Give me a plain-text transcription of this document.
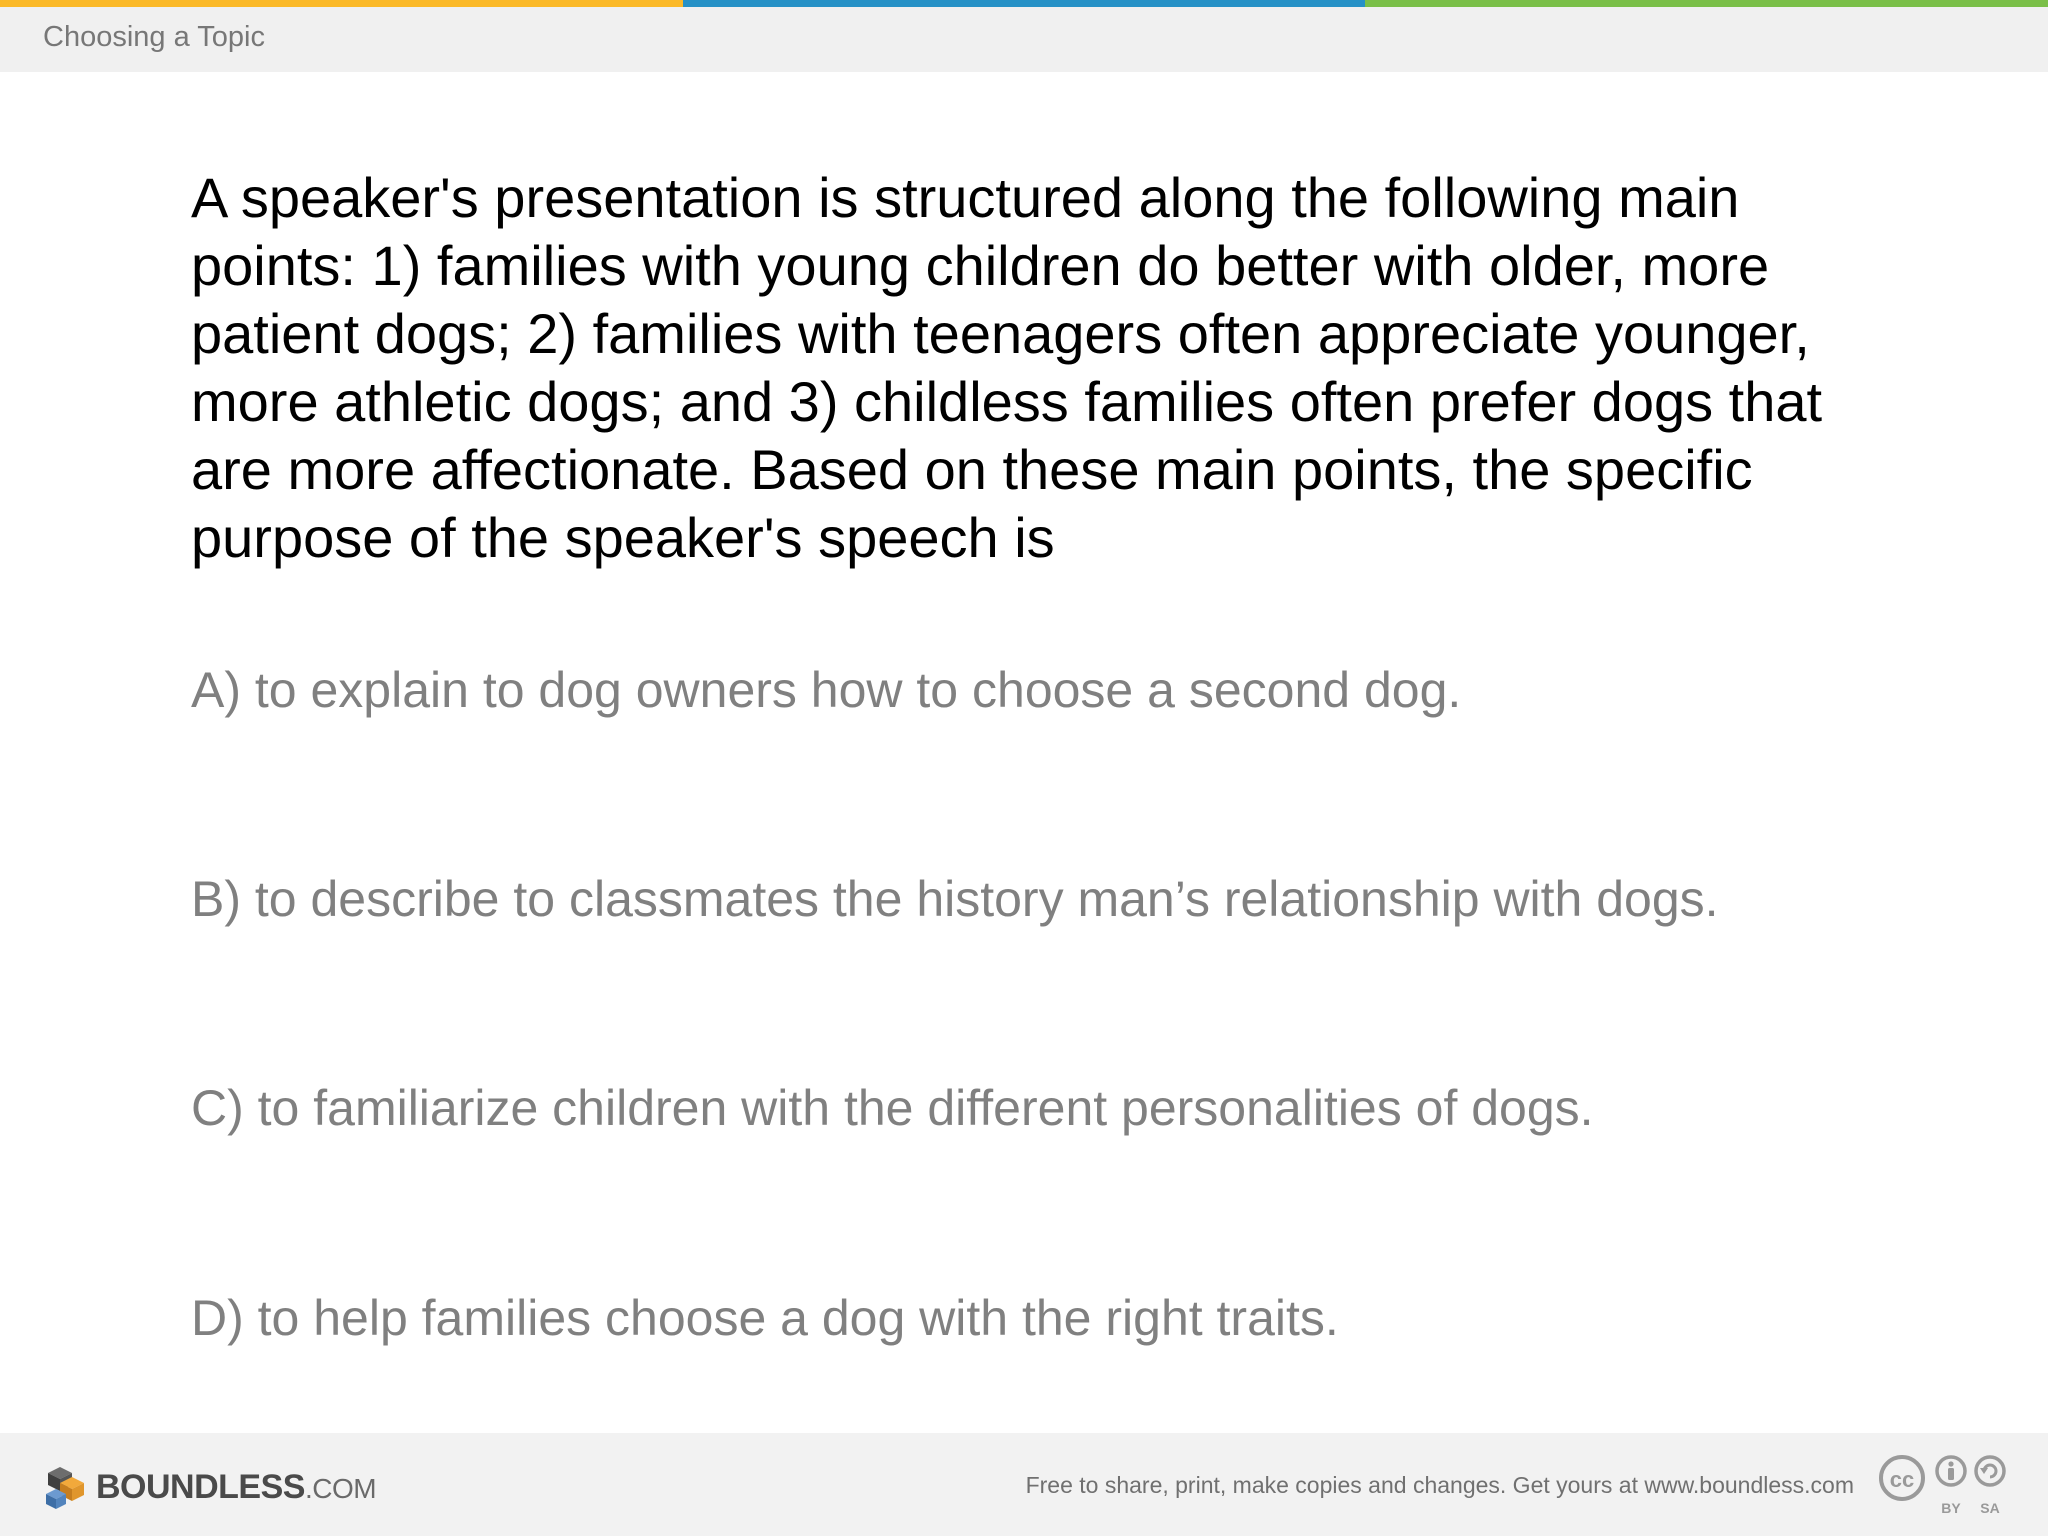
Choosing a Topic

A speaker's presentation is structured along the following main points: 1) families with young children do better with older, more patient dogs; 2) families with teenagers often appreciate younger, more athletic dogs; and 3) childless families often prefer dogs that are more affectionate. Based on these main points, the specific purpose of the speaker's speech is

A) to explain to dog owners how to choose a second dog.
B) to describe to classmates the history man’s relationship with dogs.
C) to familiarize children with the different personalities of dogs.
D) to help families choose a dog with the right traits.
BOUNDLESS.COM	Free to share, print, make copies and changes. Get yours at www.boundless.com cc
BY SA
